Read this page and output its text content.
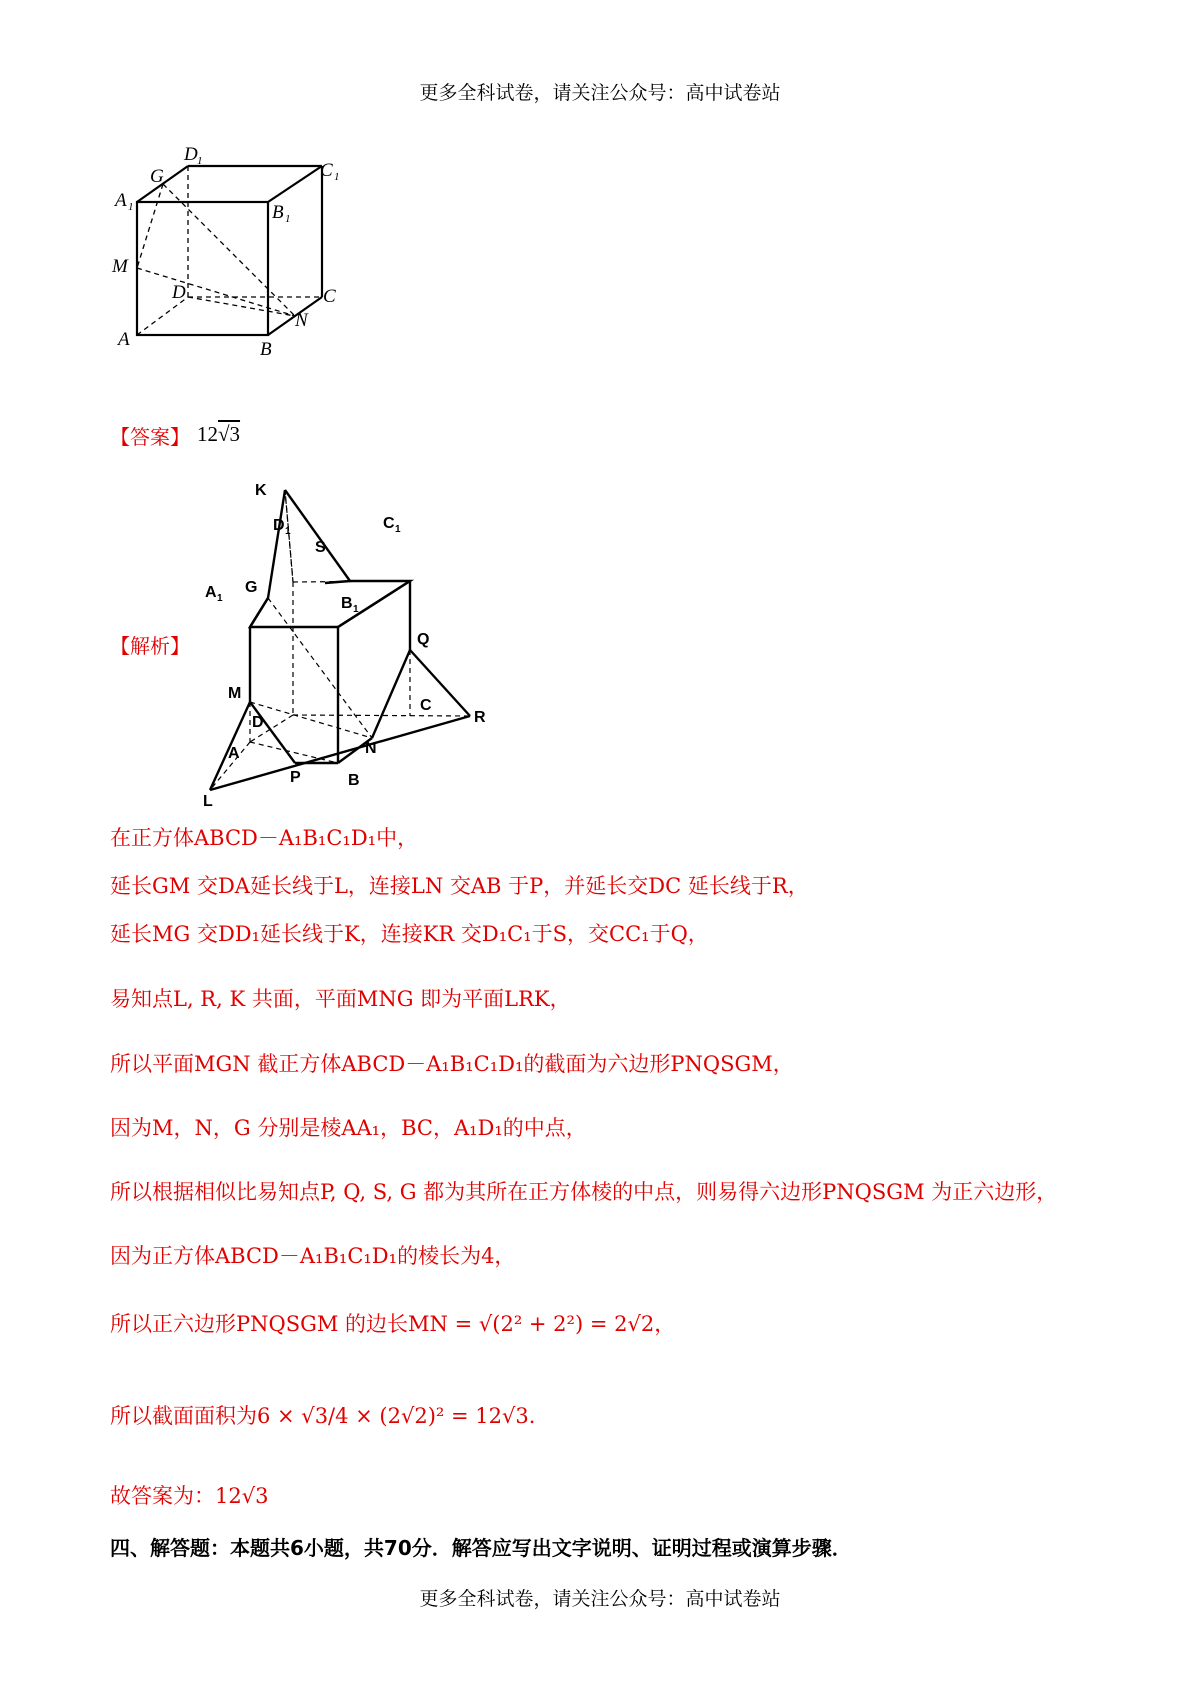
更多全科试卷，请关注公众号：高中试卷站
D 1	C 1
A 1
G
B 1
M
D	C
N
A	B
【答案】 12√3
【解析】
K
D 1	C 1
S
A 1
G
B 1
Q
M
C
R
D
N
A
P	B
L
在正方体ABCD－A₁B₁C₁D₁中，
延长GM 交DA延长线于L，连接LN 交AB 于P，并延长交DC 延长线于R，
延长MG 交DD₁延长线于K，连接KR 交D₁C₁于S，交CC₁于Q，
易知点L, R, K 共面，平面MNG 即为平面LRK，
所以平面MGN 截正方体ABCD－A₁B₁C₁D₁的截面为六边形PNQSGM，
因为M，N，G 分别是棱AA₁，BC，A₁D₁的中点，
所以根据相似比易知点P, Q, S, G 都为其所在正方体棱的中点，则易得六边形PNQSGM 为正六边形，
因为正方体ABCD－A₁B₁C₁D₁的棱长为4，
所以正六边形PNQSGM 的边长MN = √(2² + 2²) = 2√2，
所以截面面积为6 × √3/4 × (2√2)² = 12√3.
故答案为：12√3
四、解答题：本题共6小题，共70分．解答应写出文字说明、证明过程或演算步骤．
更多全科试卷，请关注公众号：高中试卷站
